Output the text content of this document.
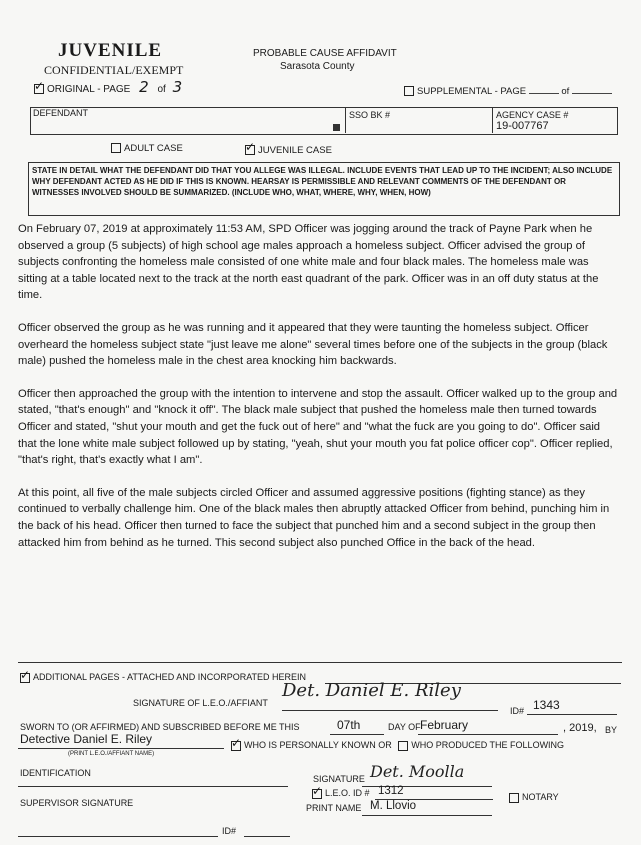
JUVENILE
CONFIDENTIAL/EXEMPT
✓ORIGINAL - PAGE 2 of 3
PROBABLE CAUSE AFFIDAVIT
Sarasota County
SUPPLEMENTAL - PAGE	of
DEFENDANT	SSO BK #	AGENCY CASE #
19-007767
ADULT CASE
✓	JUVENILE CASE
STATE IN DETAIL WHAT THE DEFENDANT DID THAT YOU ALLEGE WAS ILLEGAL. INCLUDE EVENTS THAT LEAD UP TO THE INCIDENT; ALSO INCLUDE WHY DEFENDANT ACTED AS HE DID IF THIS IS KNOWN. HEARSAY IS PERMISSIBLE AND RELEVANT COMMENTS OF THE DEFENDANT OR WITNESSES INVOLVED SHOULD BE SUMMARIZED. (INCLUDE WHO, WHAT, WHERE, WHY, WHEN, HOW)

On February 07, 2019 at approximately 11:53 AM, SPD Officer was jogging around the track of Payne Park when he observed a group (5 subjects) of high school age males approach a homeless subject. Officer advised the group of subjects confronting the homeless male consisted of one white male and four black males. The homeless male was sitting at a table located next to the track at the north east quadrant of the park. Officer was in an off duty status at the time.

Officer observed the group as he was running and it appeared that they were taunting the homeless subject. Officer overheard the homeless subject state "just leave me alone" several times before one of the subjects in the group (black male) pushed the homeless male in the chest area knocking him backwards.

Officer then approached the group with the intention to intervene and stop the assault. Officer walked up to the group and stated, "that's enough" and "knock it off". The black male subject that pushed the homeless male then turned towards Officer and stated, "shut your mouth and get the fuck out of here" and "what the fuck are you going to do". Officer said that the lone white male subject followed up by stating, "yeah, shut your mouth you fat police officer cop". Officer replied, "that's right, that's exactly what I am".

At this point, all five of the male subjects circled Officer and assumed aggressive positions (fighting stance) as they continued to verbally challenge him. One of the black males then abruptly attacked Officer from behind, punching him in the back of his head. Officer then turned to face the subject that punched him and a second subject in the group then attacked him from behind as he turned. This second subject also punched Office in the back of the head.

✓ADDITIONAL PAGES - ATTACHED AND INCORPORATED HEREIN
SIGNATURE OF L.E.O./AFFIANT
Det. Daniel E. Riley
ID# 1343
SWORN TO (OR AFFIRMED) AND SUBSCRIBED BEFORE ME THIS	07th	DAY OF February	, 2019, BY
Detective Daniel E. Riley
(PRINT L.E.O./AFFIANT NAME)
✓WHO IS PERSONALLY KNOWN OR WHO PRODUCED THE FOLLOWING
IDENTIFICATION
SIGNATURE Det. Moolla
✓L.E.O. ID # 1312	NOTARY
SUPERVISOR SIGNATURE	PRINT NAME M. Llovio
ID#
